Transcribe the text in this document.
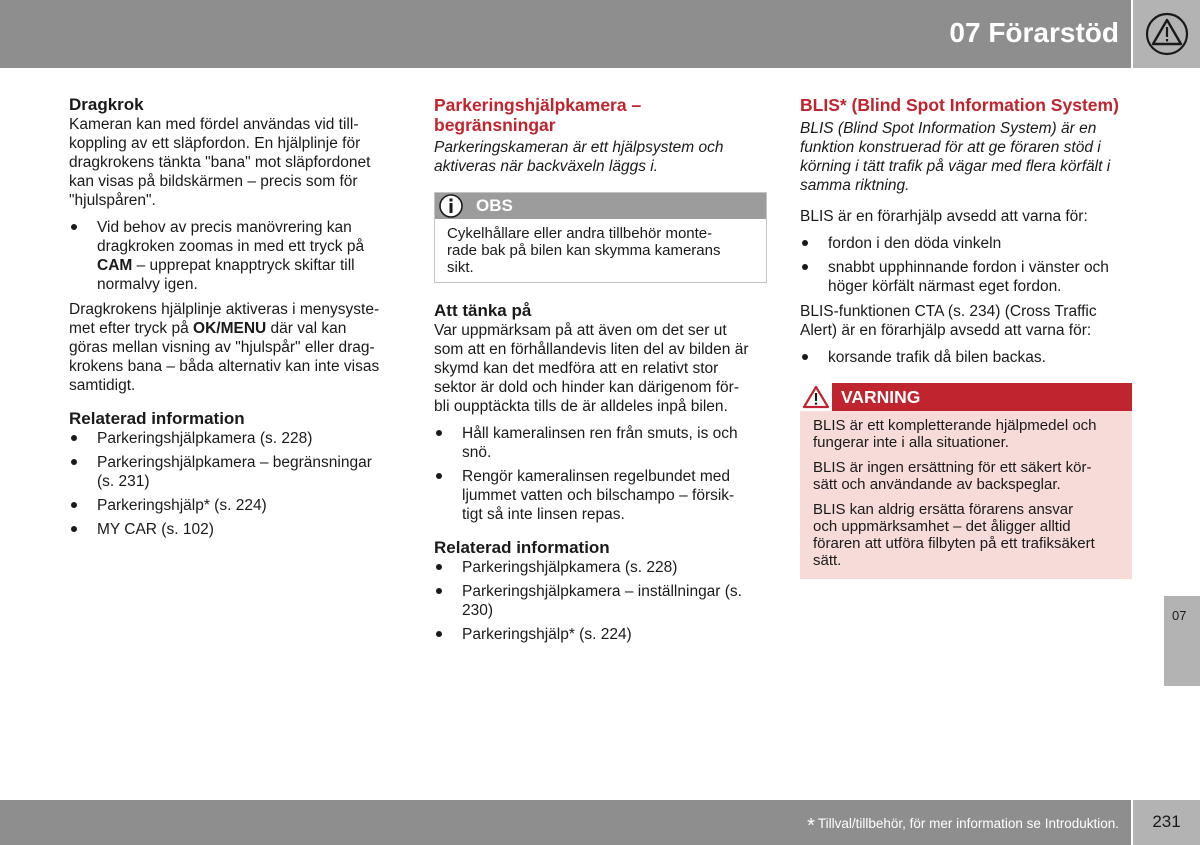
07 Förarstöd
Dragkrok

Kameran kan med fördel användas vid till-
koppling av ett släpfordon. En hjälplinje för
dragkrokens tänkta "bana" mot släpfordonet
kan visas på bildskärmen – precis som för
"hjulspåren".

Vid behov av precis manövrering kan
dragkroken zoomas in med ett tryck på
CAM – upprepat knapptryck skiftar till
normalvy igen.

Dragkrokens hjälplinje aktiveras i menysyste-
met efter tryck på OK/MENU där val kan
göras mellan visning av "hjulspår" eller drag-
krokens bana – båda alternativ kan inte visas
samtidigt.

Relaterad information
Parkeringshjälpkamera (s. 228)
Parkeringshjälpkamera – begränsningar
(s. 231)
Parkeringshjälp* (s. 224)
MY CAR (s. 102)
Parkeringshjälpkamera –
begränsningar

Parkeringskameran är ett hjälpsystem och
aktiveras när backväxeln läggs i.

OBS
Cykelhållare eller andra tillbehör monte-
rade bak på bilen kan skymma kamerans
sikt.
Att tänka på

Var uppmärksam på att även om det ser ut
som att en förhållandevis liten del av bilden är
skymd kan det medföra att en relativt stor
sektor är dold och hinder kan därigenom för-
bli oupptäckta tills de är alldeles inpå bilen.

Håll kameralinsen ren från smuts, is och
snö.
Rengör kameralinsen regelbundet med
ljummet vatten och bilschampo – försik-
tigt så inte linsen repas.
Relaterad information
Parkeringshjälpkamera (s. 228)
Parkeringshjälpkamera – inställningar (s.
230)
Parkeringshjälp* (s. 224)
BLIS* (Blind Spot Information System)

BLIS (Blind Spot Information System) är en
funktion konstruerad för att ge föraren stöd i
körning i tätt trafik på vägar med flera körfält i
samma riktning.

BLIS är en förarhjälp avsedd att varna för:

fordon i den döda vinkeln
snabbt upphinnande fordon i vänster och
höger körfält närmast eget fordon.

BLIS-funktionen CTA (s. 234) (Cross Traffic
Alert) är en förarhjälp avsedd att varna för:

korsande trafik då bilen backas.
VARNING

BLIS är ett kompletterande hjälpmedel och
fungerar inte i alla situationer.

BLIS är ingen ersättning för ett säkert kör-
sätt och användande av backspeglar.

BLIS kan aldrig ersätta förarens ansvar
och uppmärksamhet – det åligger alltid
föraren att utföra filbyten på ett trafiksäkert
sätt.

07
* Tillval/tillbehör, för mer information se Introduktion.	231
